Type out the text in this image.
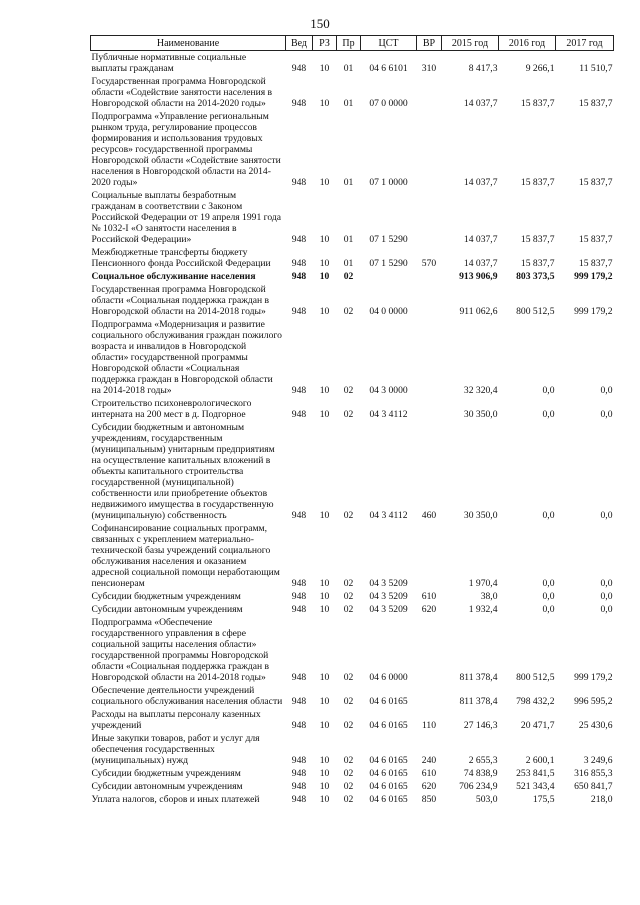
150
Наименование	Вед	РЗ	Пр	ЦСТ	ВР	2015 год	2016 год	2017 год
Публичные нормативные социальные выплаты гражданам	948	10	01	04 6 6101	310	8 417,3	9 266,1	11 510,7
Государственная программа Новгородской области «Содействие занятости населения в Новгородской области на 2014-2020 годы»	948	10	01	07 0 0000		14 037,7	15 837,7	15 837,7
Подпрограмма «Управление региональным рынком труда, регулирование процессов формирования и использования трудовых ресурсов» государственной программы Новгородской области «Содействие занятости населения в Новгородской области на 2014-2020 годы»	948	10	01	07 1 0000		14 037,7	15 837,7	15 837,7
Социальные выплаты безработным гражданам в соответствии с Законом Российской Федерации от 19 апреля 1991 года № 1032-I «О занятости населения в Российской Федерации»	948	10	01	07 1 5290		14 037,7	15 837,7	15 837,7
Межбюджетные трансферты бюджету Пенсионного фонда Российской Федерации	948	10	01	07 1 5290	570	14 037,7	15 837,7	15 837,7
Социальное обслуживание населения	948	10	02			913 906,9	803 373,5	999 179,2
Государственная программа Новгородской области «Социальная поддержка граждан в Новгородской области на 2014-2018 годы»	948	10	02	04 0 0000		911 062,6	800 512,5	999 179,2
Подпрограмма «Модернизация и развитие социального обслуживания граждан пожилого возраста и инвалидов в Новгородской области» государственной программы Новгородской области «Социальная поддержка граждан в Новгородской области на 2014-2018 годы»	948	10	02	04 3 0000		32 320,4	0,0	0,0
Строительство психоневрологического интерната на 200 мест в д. Подгорное	948	10	02	04 3 4112		30 350,0	0,0	0,0
Субсидии бюджетным и автономным учреждениям, государственным (муниципальным) унитарным предприятиям на осуществление капитальных вложений в объекты капитального строительства государственной (муниципальной) собственности или приобретение объектов недвижимого имущества в государственную (муниципальную) собственность	948	10	02	04 3 4112	460	30 350,0	0,0	0,0
Софинансирование социальных программ, связанных с укреплением материально-технической базы учреждений социального обслуживания населения и оказанием адресной социальной помощи неработающим пенсионерам	948	10	02	04 3 5209		1 970,4	0,0	0,0
Субсидии бюджетным учреждениям	948	10	02	04 3 5209	610	38,0	0,0	0,0
Субсидии автономным учреждениям	948	10	02	04 3 5209	620	1 932,4	0,0	0,0
Подпрограмма «Обеспечение государственного управления в сфере социальной защиты населения области» государственной программы Новгородской области «Социальная поддержка граждан в Новгородской области на 2014-2018 годы»	948	10	02	04 6 0000		811 378,4	800 512,5	999 179,2
Обеспечение деятельности учреждений социального обслуживания населения области	948	10	02	04 6 0165		811 378,4	798 432,2	996 595,2
Расходы на выплаты персоналу казенных учреждений	948	10	02	04 6 0165	110	27 146,3	20 471,7	25 430,6
Иные закупки товаров, работ и услуг для обеспечения государственных (муниципальных) нужд	948	10	02	04 6 0165	240	2 655,3	2 600,1	3 249,6
Субсидии бюджетным учреждениям	948	10	02	04 6 0165	610	74 838,9	253 841,5	316 855,3
Субсидии автономным учреждениям	948	10	02	04 6 0165	620	706 234,9	521 343,4	650 841,7
Уплата налогов, сборов и иных платежей	948	10	02	04 6 0165	850	503,0	175,5	218,0
